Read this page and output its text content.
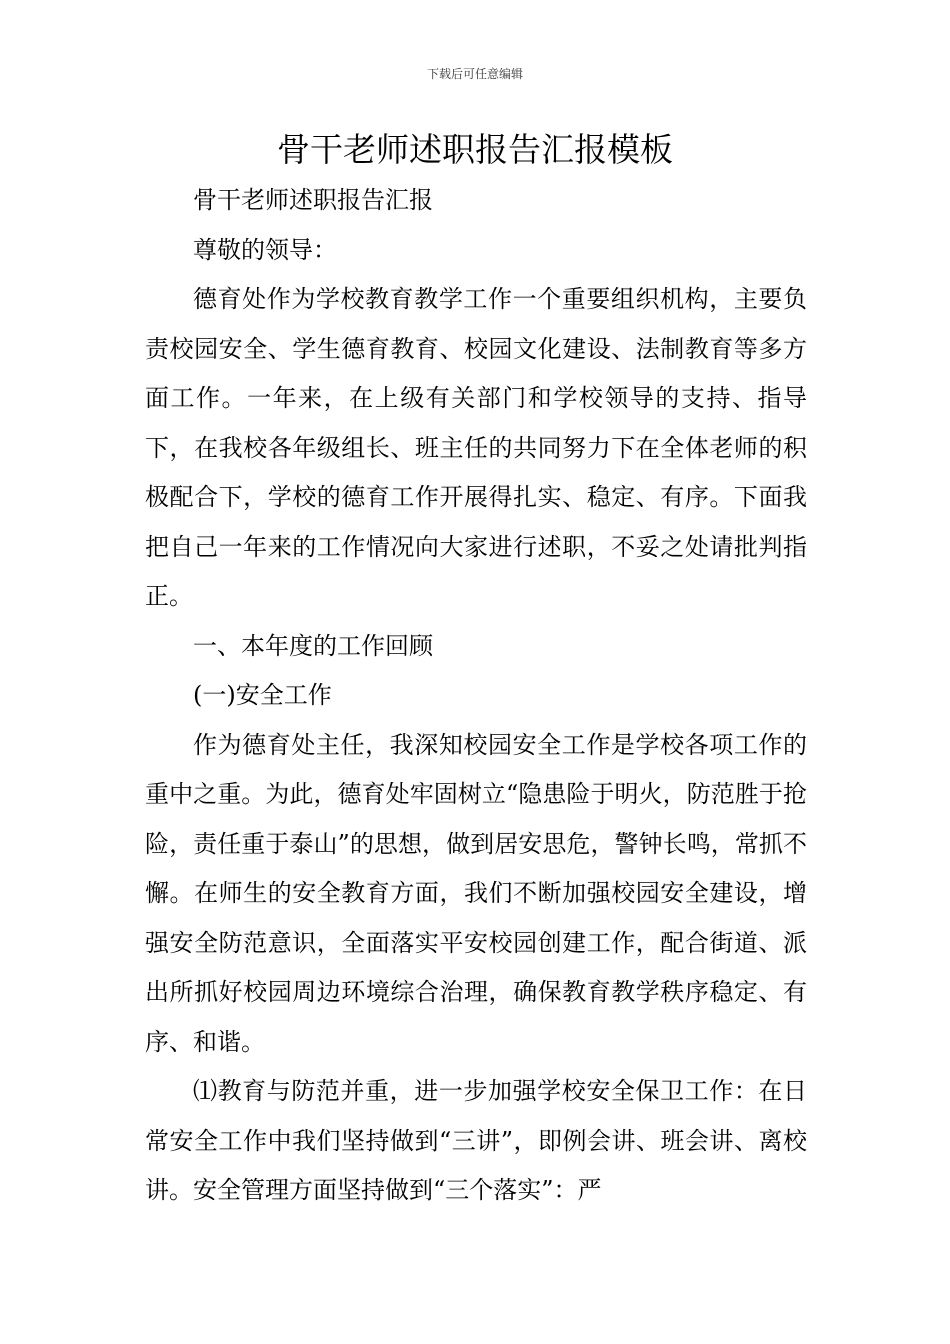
下载后可任意编辑
骨干老师述职报告汇报模板

骨干老师述职报告汇报

尊敬的领导：

德育处作为学校教育教学工作一个重要组织机构，主要负责校园安全、学生德育教育、校园文化建设、法制教育等多方面工作。一年来，在上级有关部门和学校领导的支持、指导下，在我校各年级组长、班主任的共同努力下在全体老师的积极配合下，学校的德育工作开展得扎实、稳定、有序。下面我把自己一年来的工作情况向大家进行述职，不妥之处请批判指正。

一、本年度的工作回顾

(一)安全工作

作为德育处主任，我深知校园安全工作是学校各项工作的重中之重。为此，德育处牢固树立“隐患险于明火，防范胜于抢险，责任重于泰山”的思想，做到居安思危，警钟长鸣，常抓不懈。在师生的安全教育方面，我们不断加强校园安全建设，增强安全防范意识，全面落实平安校园创建工作，配合街道、派出所抓好校园周边环境综合治理，确保教育教学秩序稳定、有序、和谐。

⑴教育与防范并重，进一步加强学校安全保卫工作：在日常安全工作中我们坚持做到“三讲”，即例会讲、班会讲、离校讲。安全管理方面坚持做到“三个落实”：严
